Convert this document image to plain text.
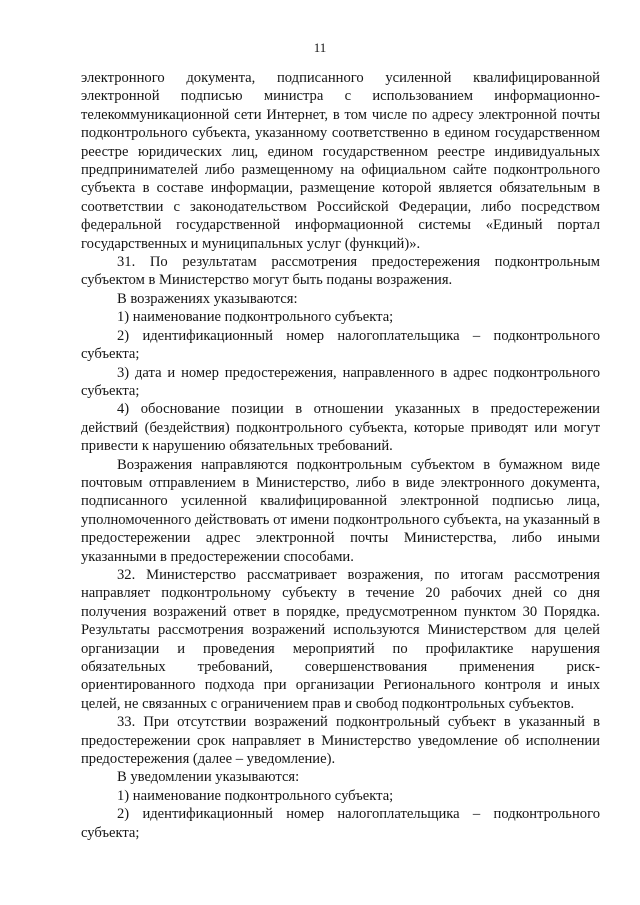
11

электронного документа, подписанного усиленной квалифицированной электронной подписью министра с использованием информационно-телекоммуникационной сети Интернет, в том числе по адресу электронной почты подконтрольного субъекта, указанному соответственно в едином государственном реестре юридических лиц, едином государственном реестре индивидуальных предпринимателей либо размещенному на официальном сайте подконтрольного субъекта в составе информации, размещение которой является обязательным в соответствии с законодательством Российской Федерации, либо посредством федеральной государственной информационной системы «Единый портал государственных и муниципальных услуг (функций)».

31. По результатам рассмотрения предостережения подконтрольным субъектом в Министерство могут быть поданы возражения.

В возражениях указываются:

1) наименование подконтрольного субъекта;

2) идентификационный номер налогоплательщика – подконтрольного субъекта;

3) дата и номер предостережения, направленного в адрес подконтрольного субъекта;

4) обоснование позиции в отношении указанных в предостережении действий (бездействия) подконтрольного субъекта, которые приводят или могут привести к нарушению обязательных требований.

Возражения направляются подконтрольным субъектом в бумажном виде почтовым отправлением в Министерство, либо в виде электронного документа, подписанного усиленной квалифицированной электронной подписью лица, уполномоченного действовать от имени подконтрольного субъекта, на указанный в предостережении адрес электронной почты Министерства, либо иными указанными в предостережении способами.

32. Министерство рассматривает возражения, по итогам рассмотрения направляет подконтрольному субъекту в течение 20 рабочих дней со дня получения возражений ответ в порядке, предусмотренном пунктом 30 Порядка. Результаты рассмотрения возражений используются Министерством для целей организации и проведения мероприятий по профилактике нарушения обязательных требований, совершенствования применения риск-ориентированного подхода при организации Регионального контроля и иных целей, не связанных с ограничением прав и свобод подконтрольных субъектов.

33. При отсутствии возражений подконтрольный субъект в указанный в предостережении срок направляет в Министерство уведомление об исполнении предостережения (далее – уведомление).

В уведомлении указываются:

1) наименование подконтрольного субъекта;

2) идентификационный номер налогоплательщика – подконтрольного субъекта;
